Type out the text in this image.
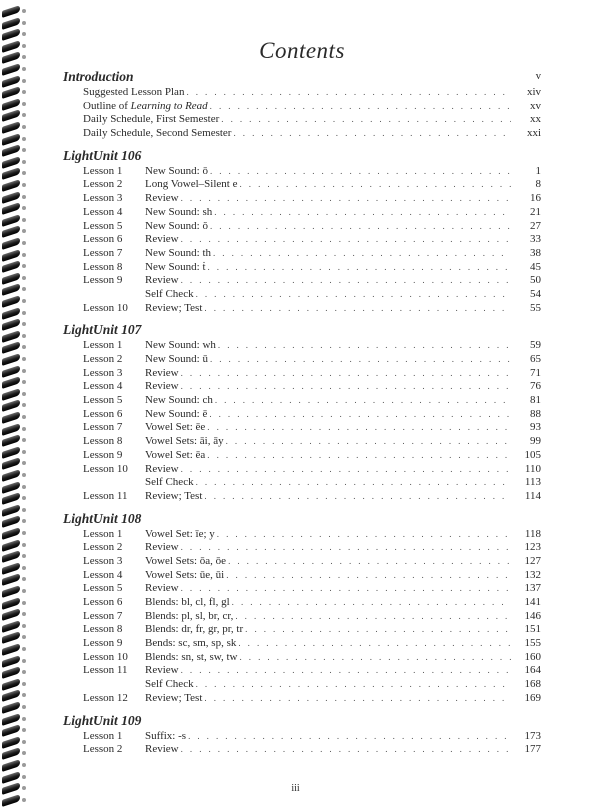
Contents
Introduction	v
Suggested Lesson Plan . . .	xiv
Outline of Learning to Read . . .	xv
Daily Schedule, First Semester . . .	xx
Daily Schedule, Second Semester . . .	xxi
LightUnit 106
Lesson 1	New Sound: ō . . .	1
Lesson 2	Long Vowel–Silent e . . .	8
Lesson 3	Review . . .	16
Lesson 4	New Sound: sh . . .	21
Lesson 5	New Sound: ŏ . . .	27
Lesson 6	Review . . .	33
Lesson 7	New Sound: th . . .	38
Lesson 8	New Sound: ṫ . . .	45
Lesson 9	Review . . .	50
Self Check . . .	54
Lesson 10	Review; Test . . .	55
LightUnit 107
Lesson 1	New Sound: wh . . .	59
Lesson 2	New Sound: ū . . .	65
Lesson 3	Review . . .	71
Lesson 4	Review . . .	76
Lesson 5	New Sound: ch . . .	81
Lesson 6	New Sound: ē . . .	88
Lesson 7	Vowel Set: ēe . . .	93
Lesson 8	Vowel Sets: āi, āy . . .	99
Lesson 9	Vowel Set: ēa . . .	105
Lesson 10	Review . . .	110
Self Check . . .	113
Lesson 11	Review; Test . . .	114
LightUnit 108
Lesson 1	Vowel Set: īe; y . . .	118
Lesson 2	Review . . .	123
Lesson 3	Vowel Sets: ōa, ōe . . .	127
Lesson 4	Vowel Sets: ūe, ūi . . .	132
Lesson 5	Review . . .	137
Lesson 6	Blends: bl, cl, fl, gl . . .	141
Lesson 7	Blends: pl, sl, br, cr, . . .	146
Lesson 8	Blends: dr, fr, gr, pr, tr . . .	151
Lesson 9	Bends: sc, sm, sp, sk . . .	155
Lesson 10	Blends: sn, st, sw, tw . . .	160
Lesson 11	Review . . .	164
Self Check . . .	168
Lesson 12	Review; Test . . .	169
LightUnit 109
Lesson 1	Suffix: -s . . .	173
Lesson 2	Review . . .	177
iii
